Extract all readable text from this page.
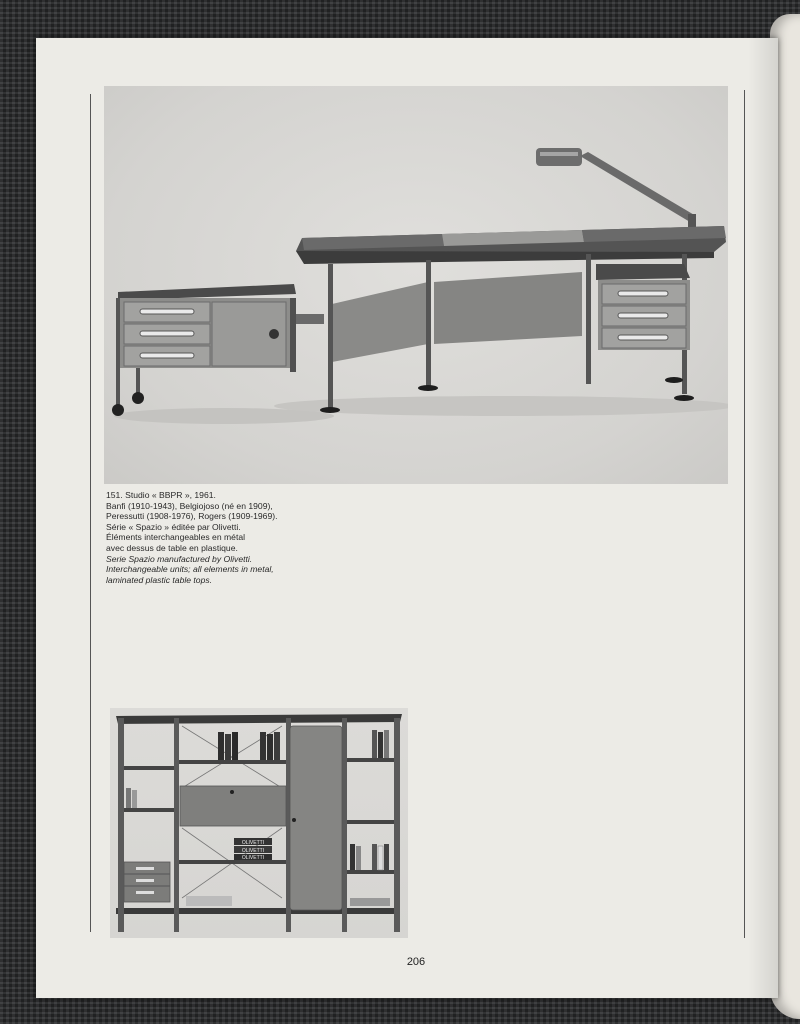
151. Studio « BBPR », 1961.
Banfi (1910-1943), Belgiojoso (né en 1909),
Peressutti (1908-1976), Rogers (1909-1969).
Série « Spazio » éditée par Olivetti.
Éléments interchangeables en métal
avec dessus de table en plastique.
Serie Spazio manufactured by Olivetti.
Interchangeable units; all elements in metal,
laminated plastic table tops.
OLIVETTI
OLIVETTI
OLIVETTI
206
